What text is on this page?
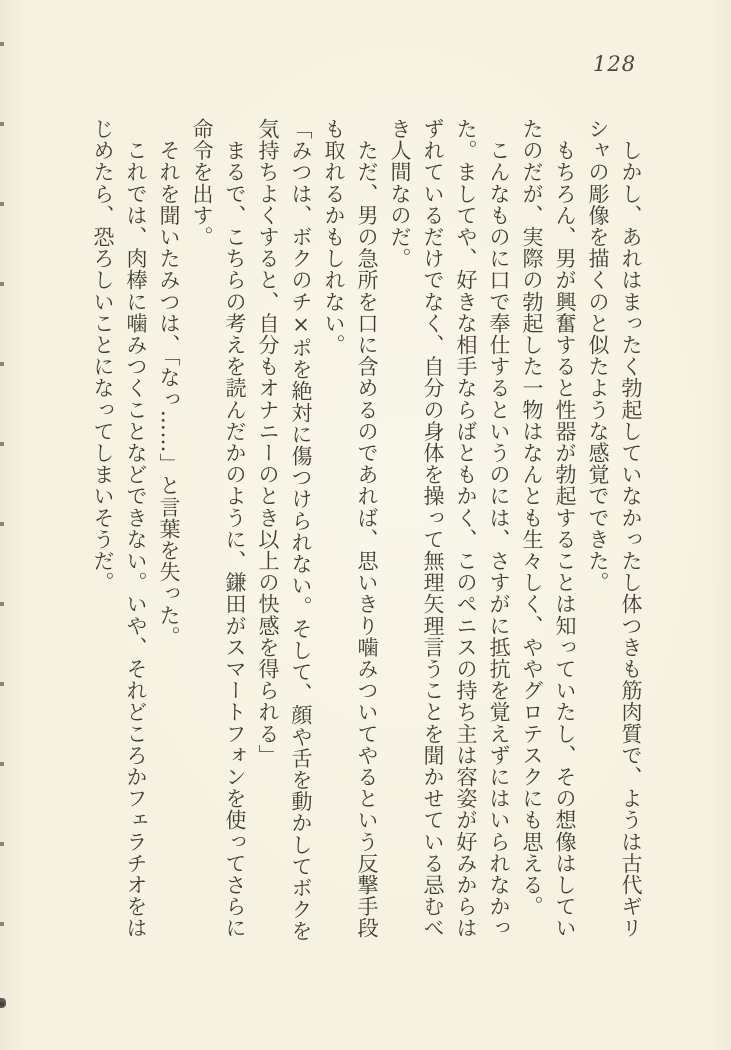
128

　しかし、あれはまったく勃起していなかったし体つきも筋肉質で、ようは古代ギリ

シャの彫像を描くのと似たような感覚でできた。

　もちろん、男が興奮すると性器が勃起することは知っていたし、その想像はしてい

たのだが、実際の勃起した一物はなんとも生々しく、ややグロテスクにも思える。

　こんなものに口で奉仕するというのには、さすがに抵抗を覚えずにはいられなかっ

た。ましてや、好きな相手ならばともかく、このペニスの持ち主は容姿が好みからは

ずれているだけでなく、自分の身体を操って無理矢理言うことを聞かせている忌むべ

き人間なのだ。

　ただ、男の急所を口に含めるのであれば、思いきり噛みついてやるという反撃手段

も取れるかもしれない。

「みつは、ボクのチ×ポを絶対に傷つけられない。そして、顔や舌を動かしてボクを

気持ちよくすると、自分もオナニーのとき以上の快感を得られる」

　まるで、こちらの考えを読んだかのように、鎌田がスマートフォンを使ってさらに

命令を出す。

　それを聞いたみつは、「なっ……」と言葉を失った。

　これでは、肉棒に噛みつくことなどできない。いや、それどころかフェラチオをは

じめたら、恐ろしいことになってしまいそうだ。
